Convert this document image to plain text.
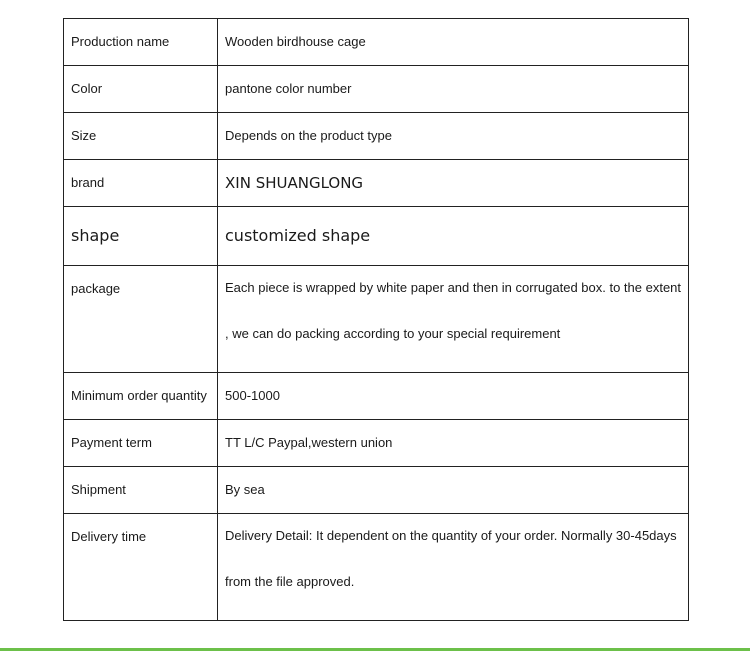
Production name	Wooden birdhouse cage
Color	pantone color number
Size	Depends on the product type
brand	XIN SHUANGLONG
shape	customized shape
package	Each piece is wrapped by white paper and then in corrugated box. to the extent , we can do packing according to your special requirement

Minimum order quantity	500-1000
Payment term	TT L/C Paypal,western union
Shipment	By sea
Delivery time	Delivery Detail: It dependent on the quantity of your order. Normally 30-45days from the file approved.
